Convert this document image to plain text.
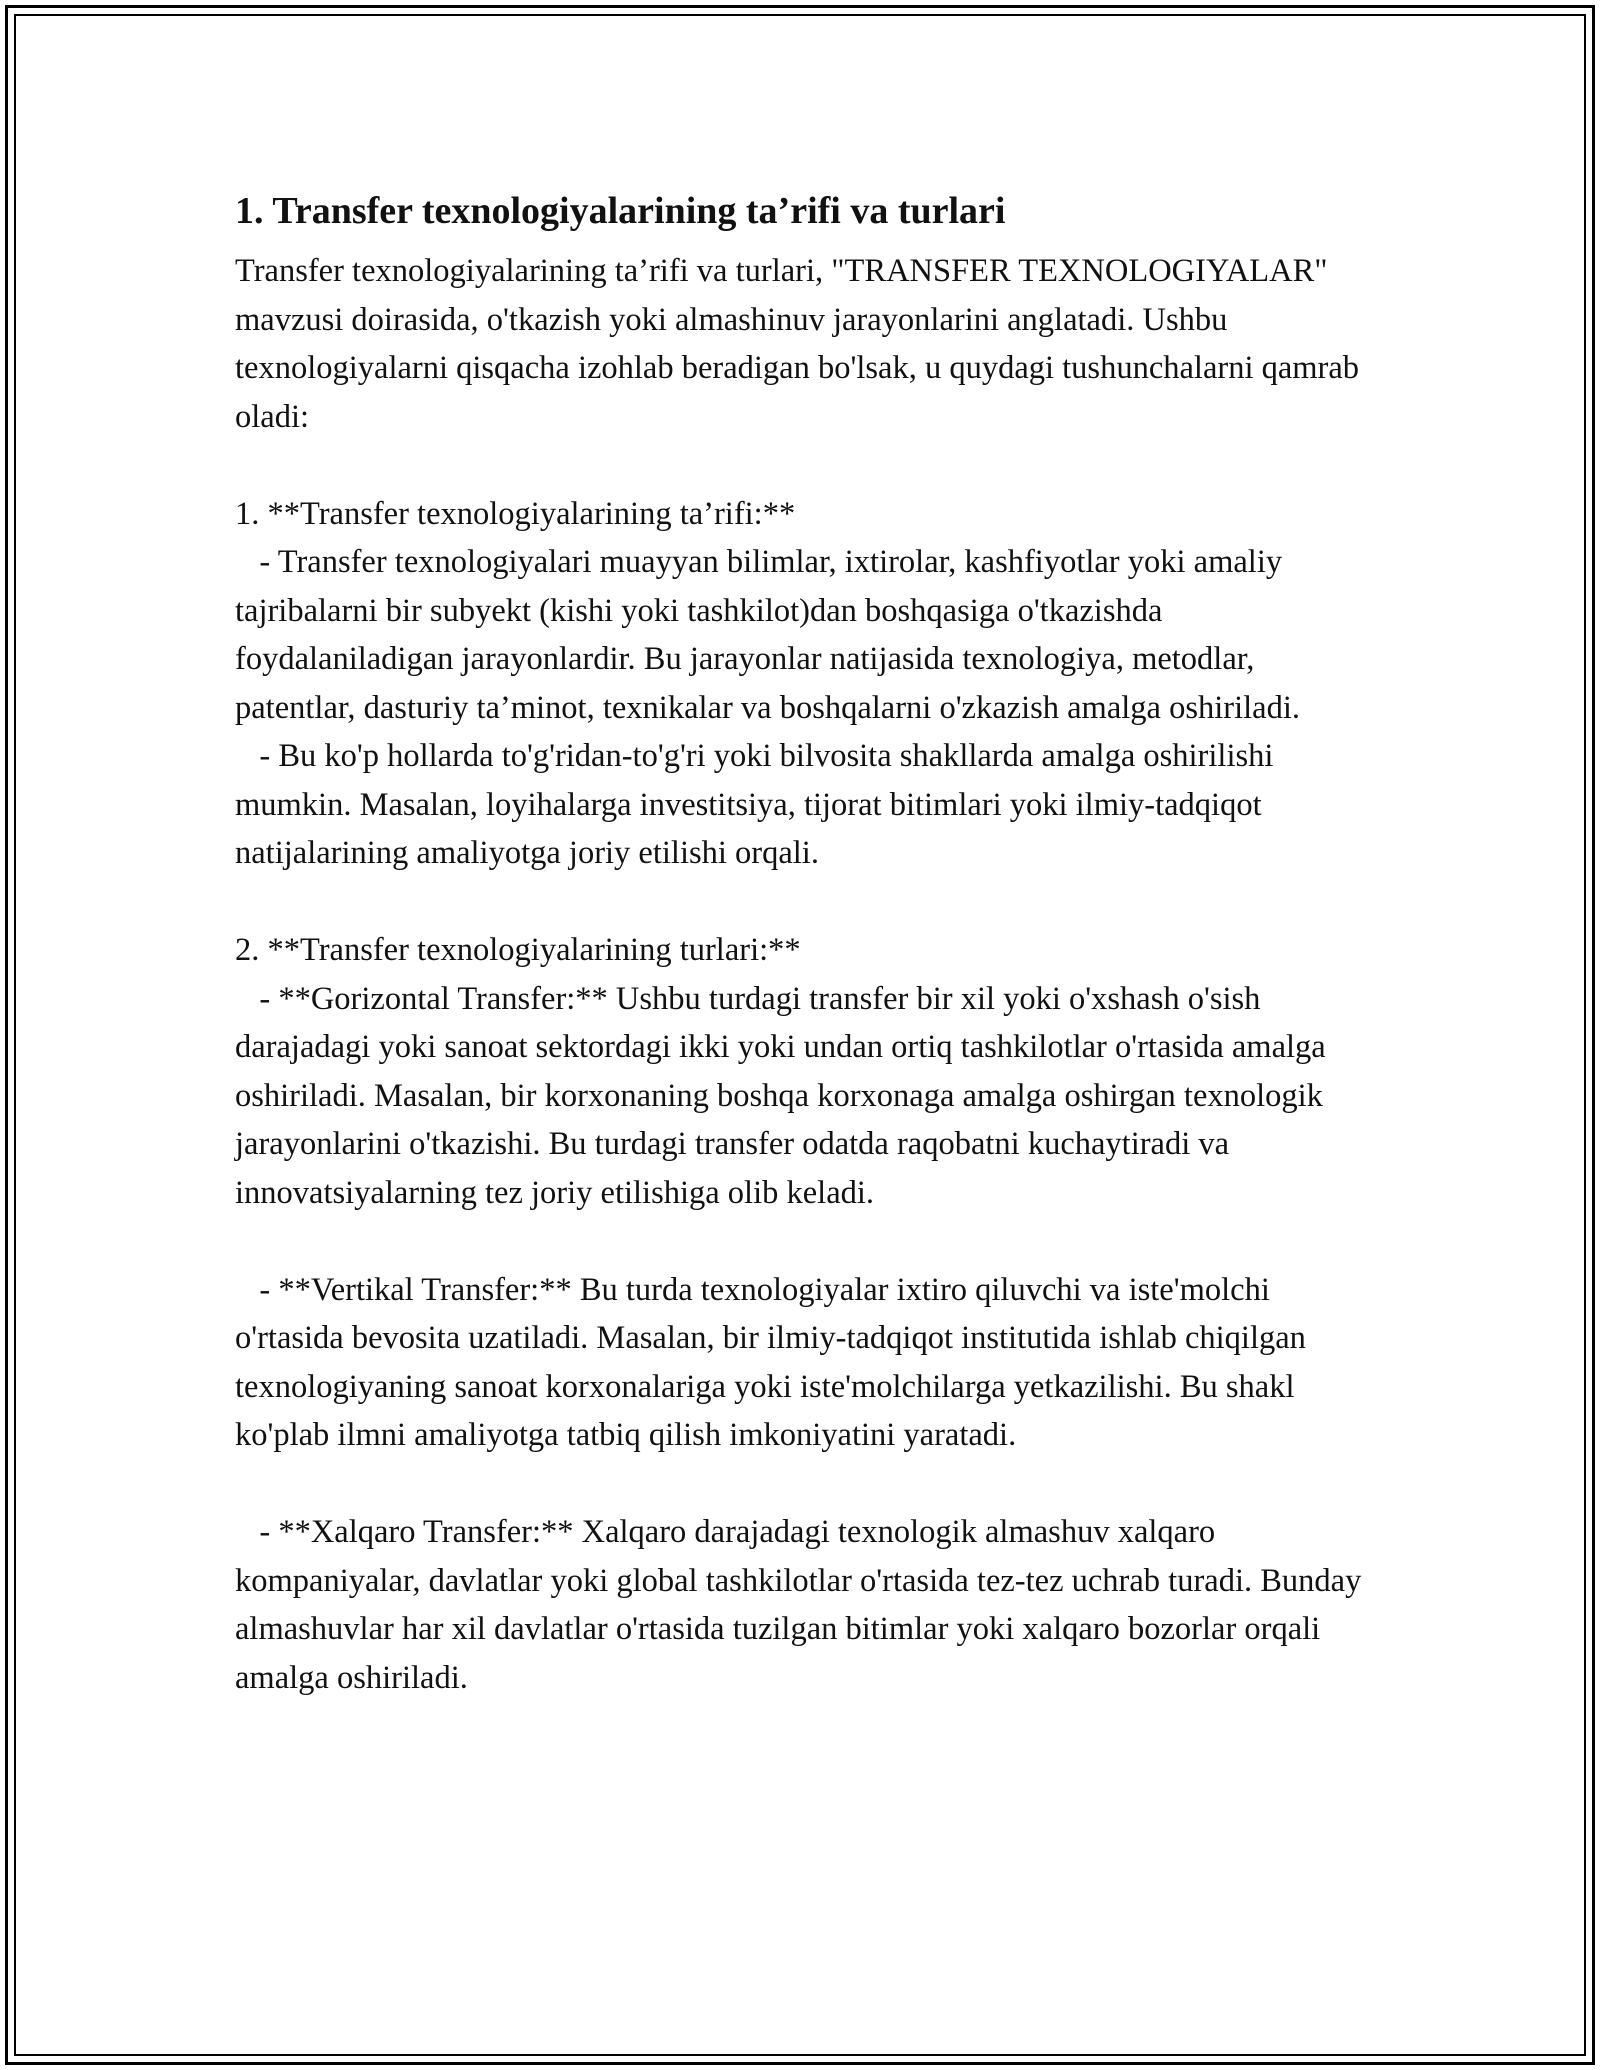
1. Transfer texnologiyalarining ta’rifi va turlari

Transfer texnologiyalarining ta’rifi va turlari, "TRANSFER TEXNOLOGIYALAR" mavzusi doirasida, o'tkazish yoki almashinuv jarayonlarini anglatadi. Ushbu texnologiyalarni qisqacha izohlab beradigan bo'lsak, u quydagi tushunchalarni qamrab oladi:

1. **Transfer texnologiyalarining ta’rifi:**
- Transfer texnologiyalari muayyan bilimlar, ixtirolar, kashfiyotlar yoki amaliy tajribalarni bir subyekt (kishi yoki tashkilot)dan boshqasiga o'tkazishda foydalaniladigan jarayonlardir. Bu jarayonlar natijasida texnologiya, metodlar, patentlar, dasturiy ta’minot, texnikalar va boshqalarni o'zkazish amalga oshiriladi.
- Bu ko'p hollarda to'g'ridan-to'g'ri yoki bilvosita shakllarda amalga oshirilishi mumkin. Masalan, loyihalarga investitsiya, tijorat bitimlari yoki ilmiy-tadqiqot natijalarining amaliyotga joriy etilishi orqali.

2. **Transfer texnologiyalarining turlari:**
- **Gorizontal Transfer:** Ushbu turdagi transfer bir xil yoki o'xshash o'sish darajadagi yoki sanoat sektordagi ikki yoki undan ortiq tashkilotlar o'rtasida amalga oshiriladi. Masalan, bir korxonaning boshqa korxonaga amalga oshirgan texnologik jarayonlarini o'tkazishi. Bu turdagi transfer odatda raqobatni kuchaytiradi va innovatsiyalarning tez joriy etilishiga olib keladi.

- **Vertikal Transfer:** Bu turda texnologiyalar ixtiro qiluvchi va iste'molchi o'rtasida bevosita uzatiladi. Masalan, bir ilmiy-tadqiqot institutida ishlab chiqilgan texnologiyaning sanoat korxonalariga yoki iste'molchilarga yetkazilishi. Bu shakl ko'plab ilmni amaliyotga tatbiq qilish imkoniyatini yaratadi.

- **Xalqaro Transfer:** Xalqaro darajadagi texnologik almashuv xalqaro kompaniyalar, davlatlar yoki global tashkilotlar o'rtasida tez-tez uchrab turadi. Bunday almashuvlar har xil davlatlar o'rtasida tuzilgan bitimlar yoki xalqaro bozorlar orqali amalga oshiriladi.
